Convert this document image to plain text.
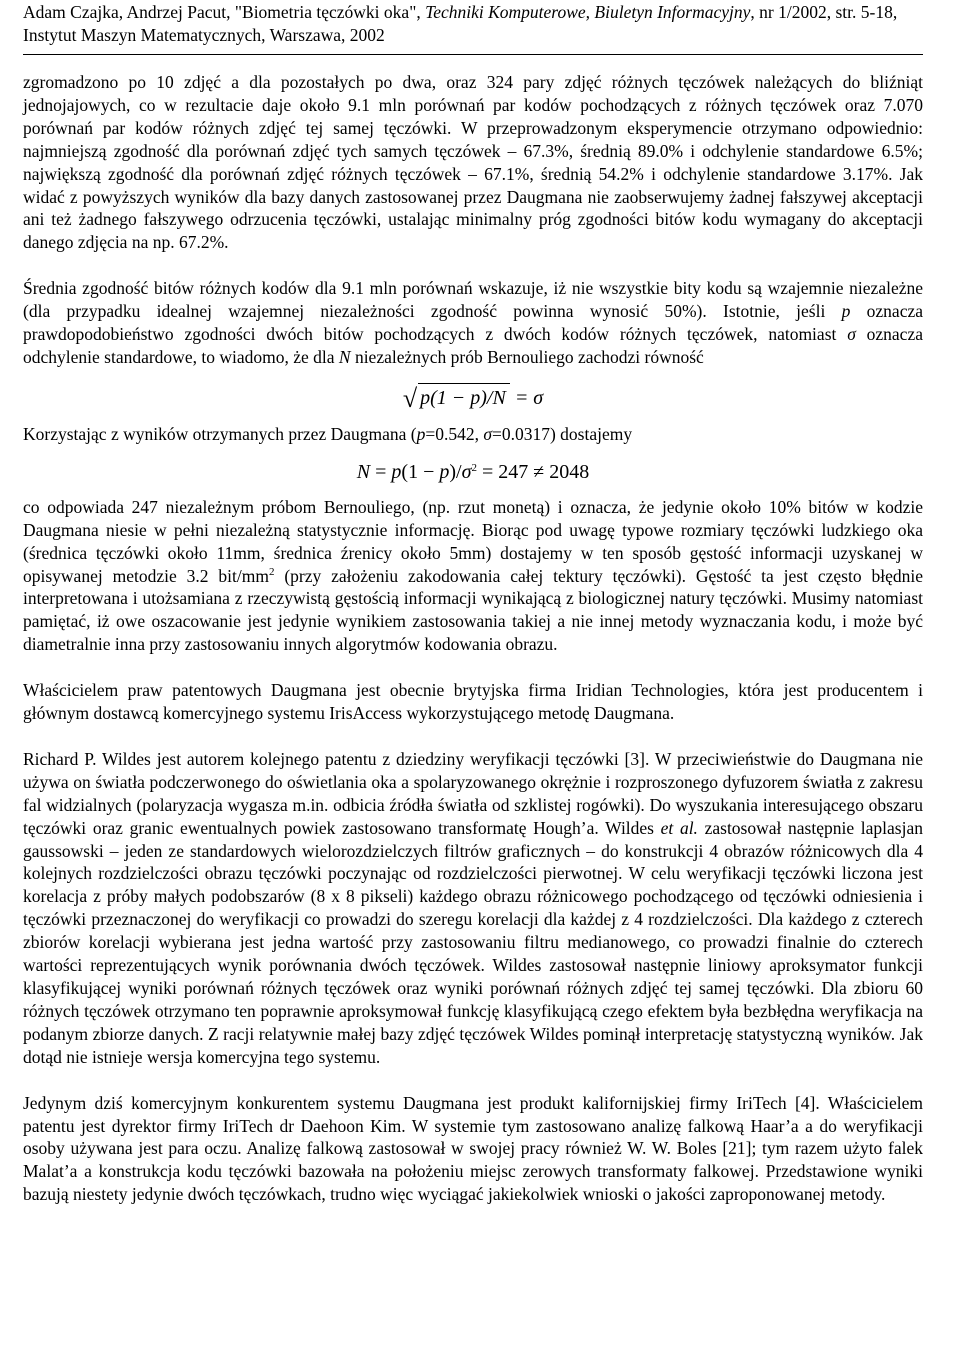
Adam Czajka, Andrzej Pacut, "Biometria tęczówki oka", Techniki Komputerowe, Biuletyn Informacyjny, nr 1/2002, str. 5-18, Instytut Maszyn Matematycznych, Warszawa, 2002

zgromadzono po 10 zdjęć a dla pozostałych po dwa, oraz 324 pary zdjęć różnych tęczówek należących do bliźniąt jednojajowych, co w rezultacie daje około 9.1 mln porównań par kodów pochodzących z różnych tęczówek oraz 7.070 porównań par kodów różnych zdjęć tej samej tęczówki. W przeprowadzonym eksperymencie otrzymano odpowiednio: najmniejszą zgodność dla porównań zdjęć tych samych tęczówek – 67.3%, średnią 89.0% i odchylenie standardowe 6.5%; największą zgodność dla porównań zdjęć różnych tęczówek – 67.1%, średnią 54.2% i odchylenie standardowe 3.17%. Jak widać z powyższych wyników dla bazy danych zastosowanej przez Daugmana nie zaobserwujemy żadnej fałszywej akceptacji ani też żadnego fałszywego odrzucenia tęczówki, ustalając minimalny próg zgodności bitów kodu wymagany do akceptacji danego zdjęcia na np. 67.2%.

Średnia zgodność bitów różnych kodów dla 9.1 mln porównań wskazuje, iż nie wszystkie bity kodu są wzajemnie niezależne (dla przypadku idealnej wzajemnej niezależności zgodność powinna wynosić 50%). Istotnie, jeśli p oznacza prawdopodobieństwo zgodności dwóch bitów pochodzących z dwóch kodów różnych tęczówek, natomiast σ oznacza odchylenie standardowe, to wiadomo, że dla N niezależnych prób Bernouliego zachodzi równość

√ p(1 − p)/N = σ

Korzystając z wyników otrzymanych przez Daugmana (p=0.542, σ=0.0317) dostajemy

$N = p(1 - p)/\sigma^2 = 247 \ne 2048$

co odpowiada 247 niezależnym próbom Bernouliego, (np. rzut monetą) i oznacza, że jedynie około 10% bitów w kodzie Daugmana niesie w pełni niezależną statystycznie informację. Biorąc pod uwagę typowe rozmiary tęczówki ludzkiego oka (średnica tęczówki około 11mm, średnica źrenicy około 5mm) dostajemy w ten sposób gęstość informacji uzyskanej w opisywanej metodzie 3.2 bit/$mm^2$ (przy założeniu zakodowania całej tektury tęczówki). Gęstość ta jest często błędnie interpretowana i utożsamiana z rzeczywistą gęstością informacji wynikającą z biologicznej natury tęczówki. Musimy natomiast pamiętać, iż owe oszacowanie jest jedynie wynikiem zastosowania takiej a nie innej metody wyznaczania kodu, i może być diametralnie inna przy zastosowaniu innych algorytmów kodowania obrazu.

Właścicielem praw patentowych Daugmana jest obecnie brytyjska firma Iridian Technologies, która jest producentem i głównym dostawcą komercyjnego systemu IrisAccess wykorzystującego metodę Daugmana.

Richard P. Wildes jest autorem kolejnego patentu z dziedziny weryfikacji tęczówki [3]. W przeciwieństwie do Daugmana nie używa on światła podczerwonego do oświetlania oka a spolaryzowanego okrężnie i rozproszonego dyfuzorem światła z zakresu fal widzialnych (polaryzacja wygasza m.in. odbicia źródła światła od szklistej rogówki). Do wyszukania interesującego obszaru tęczówki oraz granic ewentualnych powiek zastosowano transformatę Hough’a. Wildes et al. zastosował następnie laplasjan gaussowski – jeden ze standardowych wielorozdzielczych filtrów graficznych – do konstrukcji 4 obrazów różnicowych dla 4 kolejnych rozdzielczości obrazu tęczówki poczynając od rozdzielczości pierwotnej. W celu weryfikacji tęczówki liczona jest korelacja z próby małych podobszarów (8 x 8 pikseli) każdego obrazu różnicowego pochodzącego od tęczówki odniesienia i tęczówki przeznaczonej do weryfikacji co prowadzi do szeregu korelacji dla każdej z 4 rozdzielczości. Dla każdego z czterech zbiorów korelacji wybierana jest jedna wartość przy zastosowaniu filtru medianowego, co prowadzi finalnie do czterech wartości reprezentujących wynik porównania dwóch tęczówek. Wildes zastosował następnie liniowy aproksymator funkcji klasyfikującej wyniki porównań różnych tęczówek oraz wyniki porównań różnych zdjęć tej samej tęczówki. Dla zbioru 60 różnych tęczówek otrzymano ten poprawnie aproksymował funkcję klasyfikującą czego efektem była bezbłędna weryfikacja na podanym zbiorze danych. Z racji relatywnie małej bazy zdjęć tęczówek Wildes pominął interpretację statystyczną wyników. Jak dotąd nie istnieje wersja komercyjna tego systemu.

Jedynym dziś komercyjnym konkurentem systemu Daugmana jest produkt kalifornijskiej firmy IriTech [4]. Właścicielem patentu jest dyrektor firmy IriTech dr Daehoon Kim. W systemie tym zastosowano analizę falkową Haar’a a do weryfikacji osoby używana jest para oczu. Analizę falkową zastosował w swojej pracy również W. W. Boles [21]; tym razem użyto falek Malat’a a konstrukcja kodu tęczówki bazowała na położeniu miejsc zerowych transformaty falkowej. Przedstawione wyniki bazują niestety jedynie dwóch tęczówkach, trudno więc wyciągać jakiekolwiek wnioski o jakości zaproponowanej metody.
